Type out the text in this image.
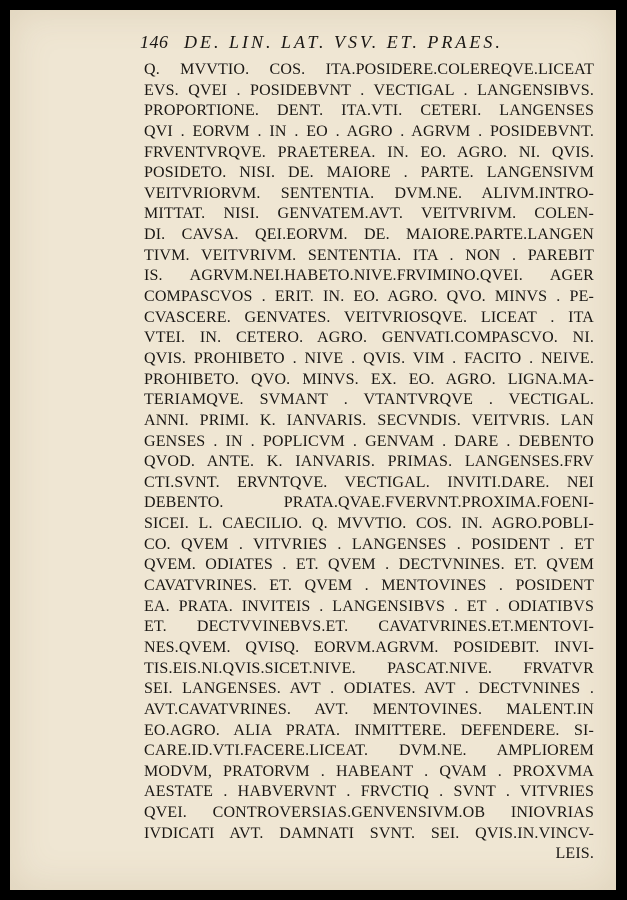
146 DE. LIN. LAT. VSV. ET. PRAES.
Q. MVVTIO. COS. ITA.POSIDERE.COLEREQVE.LICEAT
EVS. QVEI . POSIDEBVNT . VECTIGAL . LANGENSIBVS.
PROPORTIONE. DENT. ITA.VTI. CETERI. LANGENSES
QVI . EORVM . IN . EO . AGRO . AGRVM . POSIDEBVNT.
FRVENTVRQVE. PRAETEREA. IN. EO. AGRO. NI. QVIS.
POSIDETO. NISI. DE. MAIORE . PARTE. LANGENSIVM
VEITVRIORVM. SENTENTIA. DVM.NE. ALIVM.INTRO-
MITTAT. NISI. GENVATEM.AVT. VEITVRIVM. COLEN-
DI. CAVSA. QEI.EORVM. DE. MAIORE.PARTE.LANGEN
TIVM. VEITVRIVM. SENTENTIA. ITA . NON . PAREBIT
IS. AGRVM.NEI.HABETO.NIVE.FRVIMINO.QVEI. AGER
COMPASCVOS . ERIT. IN. EO. AGRO. QVO. MINVS . PE-
CVASCERE. GENVATES. VEITVRIOSQVE. LICEAT . ITA
VTEI. IN. CETERO. AGRO. GENVATI.COMPASCVO. NI.
QVIS. PROHIBETO . NIVE . QVIS. VIM . FACITO . NEIVE.
PROHIBETO. QVO. MINVS. EX. EO. AGRO. LIGNA.MA-
TERIAMQVE. SVMANT . VTANTVRQVE . VECTIGAL.
ANNI. PRIMI. K. IANVARIS. SECVNDIS. VEITVRIS. LAN
GENSES . IN . POPLICVM . GENVAM . DARE . DEBENTO
QVOD. ANTE. K. IANVARIS. PRIMAS. LANGENSES.FRV
CTI.SVNT. ERVNTQVE. VECTIGAL. INVITI.DARE. NEI
DEBENTO. PRATA.QVAE.FVERVNT.PROXIMA.FOENI-
SICEI. L. CAECILIO. Q. MVVTIO. COS. IN. AGRO.POBLI-
CO. QVEM . VITVRIES . LANGENSES . POSIDENT . ET
QVEM. ODIATES . ET. QVEM . DECTVNINES. ET. QVEM
CAVATVRINES. ET. QVEM . MENTOVINES . POSIDENT
EA. PRATA. INVITEIS . LANGENSIBVS . ET . ODIATIBVS
ET. DECTVVINEBVS.ET. CAVATVRINES.ET.MENTOVI-
NES.QVEM. QVISQ. EORVM.AGRVM. POSIDEBIT. INVI-
TIS.EIS.NI.QVIS.SICET.NIVE. PASCAT.NIVE. FRVATVR
SEI. LANGENSES. AVT . ODIATES. AVT . DECTVNINES .
AVT.CAVATVRINES. AVT. MENTOVINES. MALENT.IN
EO.AGRO. ALIA PRATA. INMITTERE. DEFENDERE. SI-
CARE.ID.VTI.FACERE.LICEAT. DVM.NE. AMPLIOREM
MODVM, PRATORVM . HABEANT . QVAM . PROXVMA
AESTATE . HABVERVNT . FRVCTIQ . SVNT . VITVRIES
QVEI. CONTROVERSIAS.GENVENSIVM.OB INIOVRIAS
IVDICATI AVT. DAMNATI SVNT. SEI. QVIS.IN.VINCV-
LEIS.
